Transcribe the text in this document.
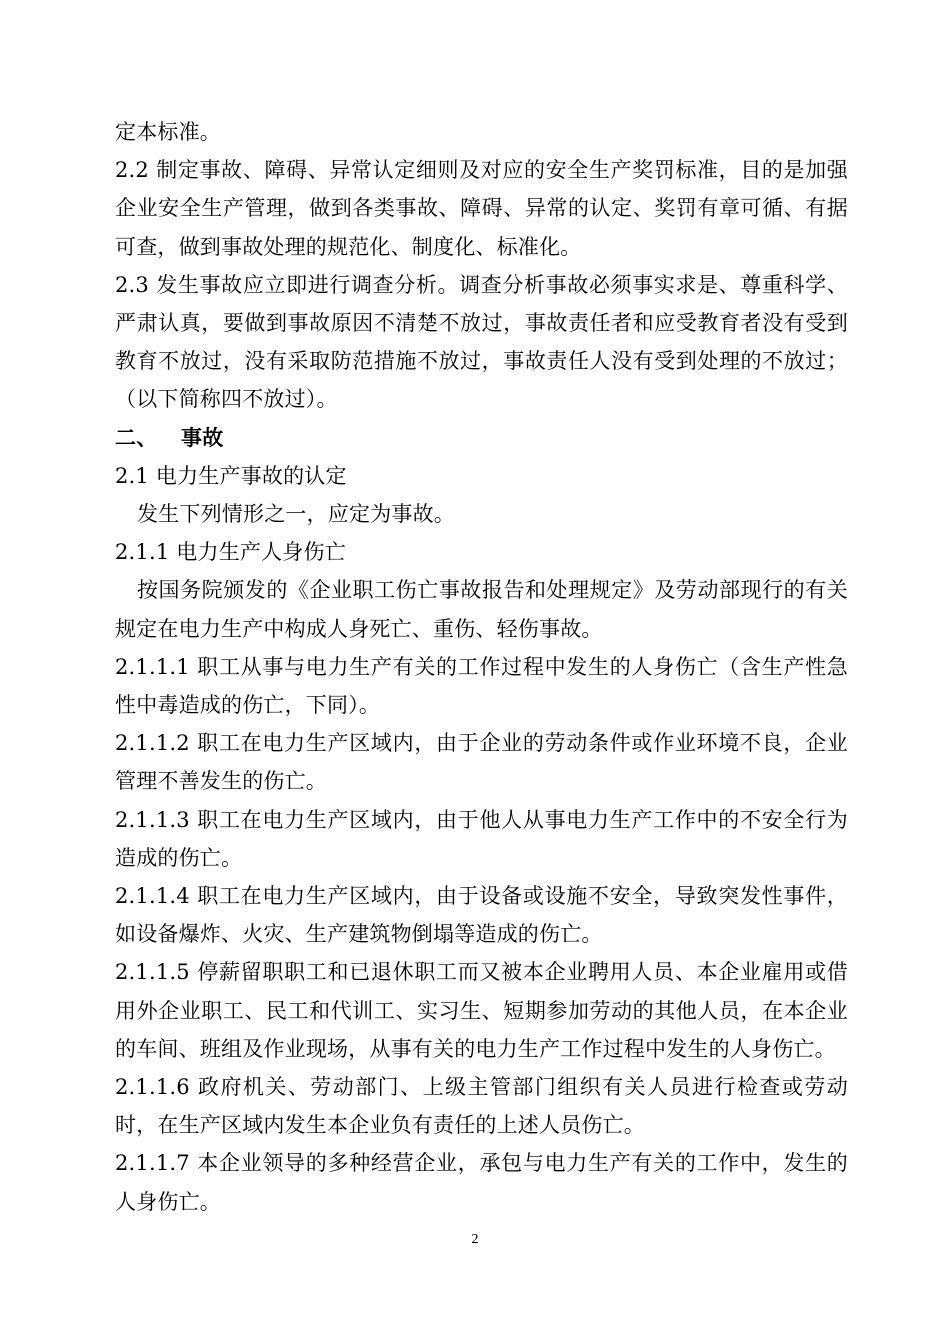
定本标准。

2.2 制定事故、障碍、异常认定细则及对应的安全生产奖罚标准，目的是加强企业安全生产管理，做到各类事故、障碍、异常的认定、奖罚有章可循、有据可查，做到事故处理的规范化、制度化、标准化。

2.3 发生事故应立即进行调查分析。调查分析事故必须事实求是、尊重科学、严肃认真，要做到事故原因不清楚不放过，事故责任者和应受教育者没有受到教育不放过，没有采取防范措施不放过，事故责任人没有受到处理的不放过；（以下简称四不放过）。

二、 事故

2.1 电力生产事故的认定

发生下列情形之一，应定为事故。

2.1.1 电力生产人身伤亡

按国务院颁发的《企业职工伤亡事故报告和处理规定》及劳动部现行的有关规定在电力生产中构成人身死亡、重伤、轻伤事故。

2.1.1.1 职工从事与电力生产有关的工作过程中发生的人身伤亡（含生产性急性中毒造成的伤亡，下同）。

2.1.1.2 职工在电力生产区域内，由于企业的劳动条件或作业环境不良，企业管理不善发生的伤亡。

2.1.1.3 职工在电力生产区域内，由于他人从事电力生产工作中的不安全行为造成的伤亡。

2.1.1.4 职工在电力生产区域内，由于设备或设施不安全，导致突发性事件，如设备爆炸、火灾、生产建筑物倒塌等造成的伤亡。

2.1.1.5 停薪留职职工和已退休职工而又被本企业聘用人员、本企业雇用或借用外企业职工、民工和代训工、实习生、短期参加劳动的其他人员，在本企业的车间、班组及作业现场，从事有关的电力生产工作过程中发生的人身伤亡。

2.1.1.6 政府机关、劳动部门、上级主管部门组织有关人员进行检查或劳动时，在生产区域内发生本企业负有责任的上述人员伤亡。

2.1.1.7 本企业领导的多种经营企业，承包与电力生产有关的工作中，发生的人身伤亡。

2
